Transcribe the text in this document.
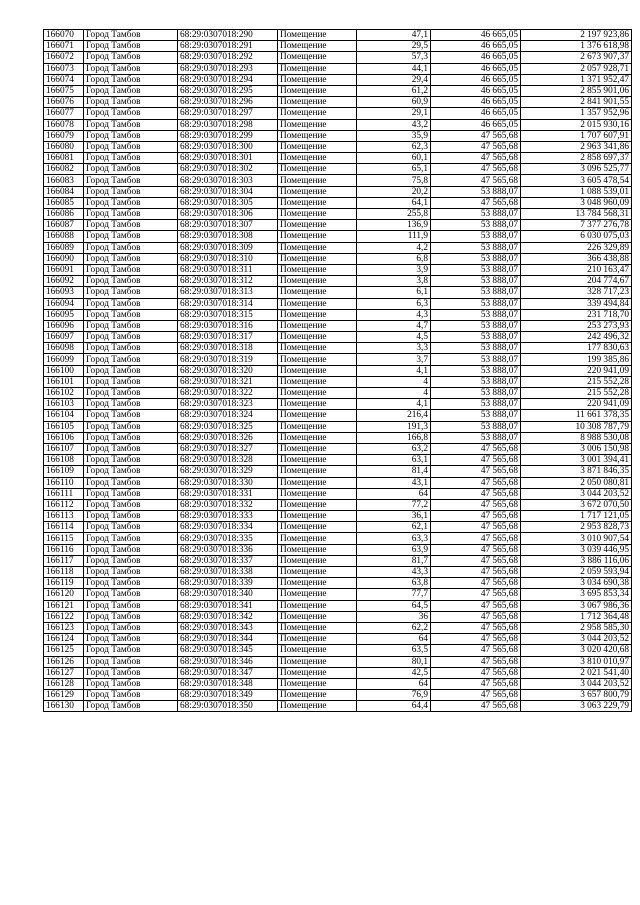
166070	Город Тамбов	68:29:0307018:290	Помещение	47,1	46 665,05	2 197 923,86
166071	Город Тамбов	68:29:0307018:291	Помещение	29,5	46 665,05	1 376 618,98
166072	Город Тамбов	68:29:0307018:292	Помещение	57,3	46 665,05	2 673 907,37
166073	Город Тамбов	68:29:0307018:293	Помещение	44,1	46 665,05	2 057 928,71
166074	Город Тамбов	68:29:0307018:294	Помещение	29,4	46 665,05	1 371 952,47
166075	Город Тамбов	68:29:0307018:295	Помещение	61,2	46 665,05	2 855 901,06
166076	Город Тамбов	68:29:0307018:296	Помещение	60,9	46 665,05	2 841 901,55
166077	Город Тамбов	68:29:0307018:297	Помещение	29,1	46 665,05	1 357 952,96
166078	Город Тамбов	68:29:0307018:298	Помещение	43,2	46 665,05	2 015 930,16
166079	Город Тамбов	68:29:0307018:299	Помещение	35,9	47 565,68	1 707 607,91
166080	Город Тамбов	68:29:0307018:300	Помещение	62,3	47 565,68	2 963 341,86
166081	Город Тамбов	68:29:0307018:301	Помещение	60,1	47 565,68	2 858 697,37
166082	Город Тамбов	68:29:0307018:302	Помещение	65,1	47 565,68	3 096 525,77
166083	Город Тамбов	68:29:0307018:303	Помещение	75,8	47 565,68	3 605 478,54
166084	Город Тамбов	68:29:0307018:304	Помещение	20,2	53 888,07	1 088 539,01
166085	Город Тамбов	68:29:0307018:305	Помещение	64,1	47 565,68	3 048 960,09
166086	Город Тамбов	68:29:0307018:306	Помещение	255,8	53 888,07	13 784 568,31
166087	Город Тамбов	68:29:0307018:307	Помещение	136,9	53 888,07	7 377 276,78
166088	Город Тамбов	68:29:0307018:308	Помещение	111,9	53 888,07	6 030 075,03
166089	Город Тамбов	68:29:0307018:309	Помещение	4,2	53 888,07	226 329,89
166090	Город Тамбов	68:29:0307018:310	Помещение	6,8	53 888,07	366 438,88
166091	Город Тамбов	68:29:0307018:311	Помещение	3,9	53 888,07	210 163,47
166092	Город Тамбов	68:29:0307018:312	Помещение	3,8	53 888,07	204 774,67
166093	Город Тамбов	68:29:0307018:313	Помещение	6,1	53 888,07	328 717,23
166094	Город Тамбов	68:29:0307018:314	Помещение	6,3	53 888,07	339 494,84
166095	Город Тамбов	68:29:0307018:315	Помещение	4,3	53 888,07	231 718,70
166096	Город Тамбов	68:29:0307018:316	Помещение	4,7	53 888,07	253 273,93
166097	Город Тамбов	68:29:0307018:317	Помещение	4,5	53 888,07	242 496,32
166098	Город Тамбов	68:29:0307018:318	Помещение	3,3	53 888,07	177 830,63
166099	Город Тамбов	68:29:0307018:319	Помещение	3,7	53 888,07	199 385,86
166100	Город Тамбов	68:29:0307018:320	Помещение	4,1	53 888,07	220 941,09
166101	Город Тамбов	68:29:0307018:321	Помещение	4	53 888,07	215 552,28
166102	Город Тамбов	68:29:0307018:322	Помещение	4	53 888,07	215 552,28
166103	Город Тамбов	68:29:0307018:323	Помещение	4,1	53 888,07	220 941,09
166104	Город Тамбов	68:29:0307018:324	Помещение	216,4	53 888,07	11 661 378,35
166105	Город Тамбов	68:29:0307018:325	Помещение	191,3	53 888,07	10 308 787,79
166106	Город Тамбов	68:29:0307018:326	Помещение	166,8	53 888,07	8 988 530,08
166107	Город Тамбов	68:29:0307018:327	Помещение	63,2	47 565,68	3 006 150,98
166108	Город Тамбов	68:29:0307018:328	Помещение	63,1	47 565,68	3 001 394,41
166109	Город Тамбов	68:29:0307018:329	Помещение	81,4	47 565,68	3 871 846,35
166110	Город Тамбов	68:29:0307018:330	Помещение	43,1	47 565,68	2 050 080,81
166111	Город Тамбов	68:29:0307018:331	Помещение	64	47 565,68	3 044 203,52
166112	Город Тамбов	68:29:0307018:332	Помещение	77,2	47 565,68	3 672 070,50
166113	Город Тамбов	68:29:0307018:333	Помещение	36,1	47 565,68	1 717 121,05
166114	Город Тамбов	68:29:0307018:334	Помещение	62,1	47 565,68	2 953 828,73
166115	Город Тамбов	68:29:0307018:335	Помещение	63,3	47 565,68	3 010 907,54
166116	Город Тамбов	68:29:0307018:336	Помещение	63,9	47 565,68	3 039 446,95
166117	Город Тамбов	68:29:0307018:337	Помещение	81,7	47 565,68	3 886 116,06
166118	Город Тамбов	68:29:0307018:338	Помещение	43,3	47 565,68	2 059 593,94
166119	Город Тамбов	68:29:0307018:339	Помещение	63,8	47 565,68	3 034 690,38
166120	Город Тамбов	68:29:0307018:340	Помещение	77,7	47 565,68	3 695 853,34
166121	Город Тамбов	68:29:0307018:341	Помещение	64,5	47 565,68	3 067 986,36
166122	Город Тамбов	68:29:0307018:342	Помещение	36	47 565,68	1 712 364,48
166123	Город Тамбов	68:29:0307018:343	Помещение	62,2	47 565,68	2 958 585,30
166124	Город Тамбов	68:29:0307018:344	Помещение	64	47 565,68	3 044 203,52
166125	Город Тамбов	68:29:0307018:345	Помещение	63,5	47 565,68	3 020 420,68
166126	Город Тамбов	68:29:0307018:346	Помещение	80,1	47 565,68	3 810 010,97
166127	Город Тамбов	68:29:0307018:347	Помещение	42,5	47 565,68	2 021 541,40
166128	Город Тамбов	68:29:0307018:348	Помещение	64	47 565,68	3 044 203,52
166129	Город Тамбов	68:29:0307018:349	Помещение	76,9	47 565,68	3 657 800,79
166130	Город Тамбов	68:29:0307018:350	Помещение	64,4	47 565,68	3 063 229,79
